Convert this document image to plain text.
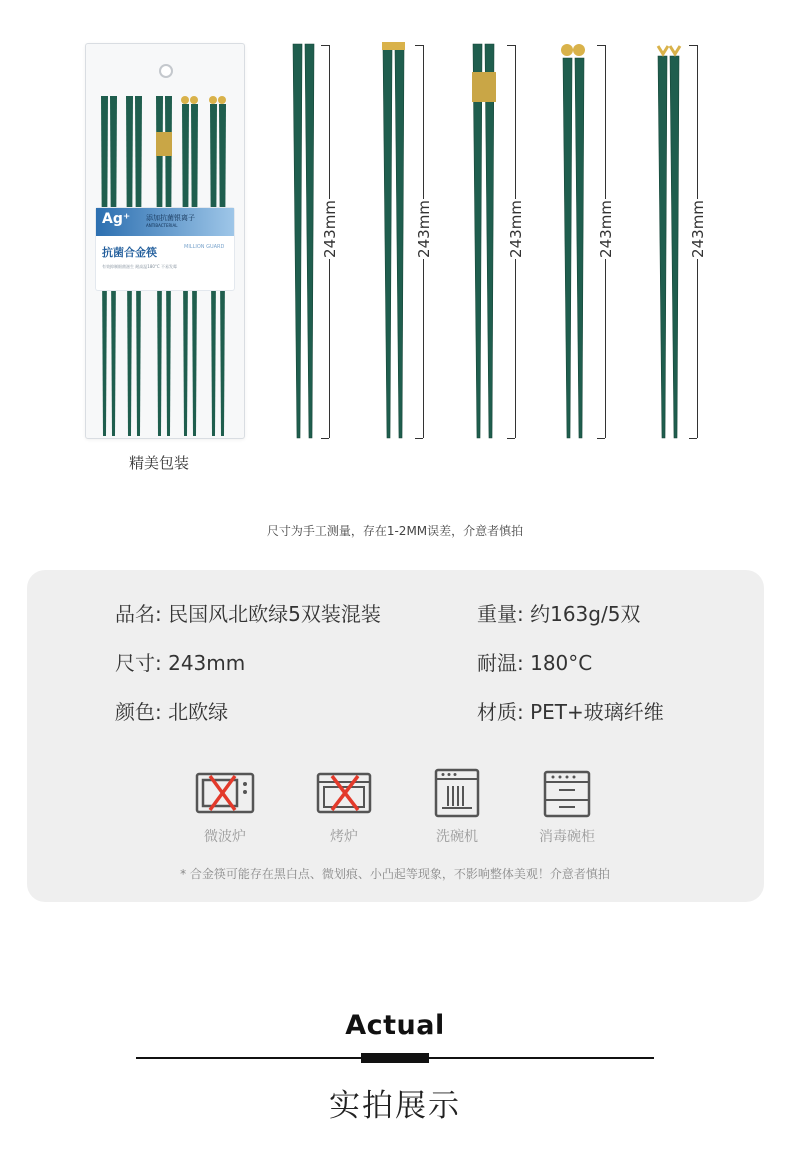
Ag⁺ 添加抗菌银离子
ANTIBACTERIAL
抗菌合金筷	MILLION GUARD
有效抑制细菌滋生 耐高温180°C 不易发霉
精美包装
243mm	243mm	243mm	243mm	243mm
尺寸为手工测量，存在1-2MM误差，介意者慎拍
品名: 民国风北欧绿5双装混装	重量: 约163g/5双
尺寸: 243mm	耐温: 180°C
颜色: 北欧绿	材质: PET+玻璃纤维
微波炉	烤炉	洗碗机	消毒碗柜
* 合金筷可能存在黑白点、微划痕、小凸起等现象，不影响整体美观！介意者慎拍
Actual
实拍展示
